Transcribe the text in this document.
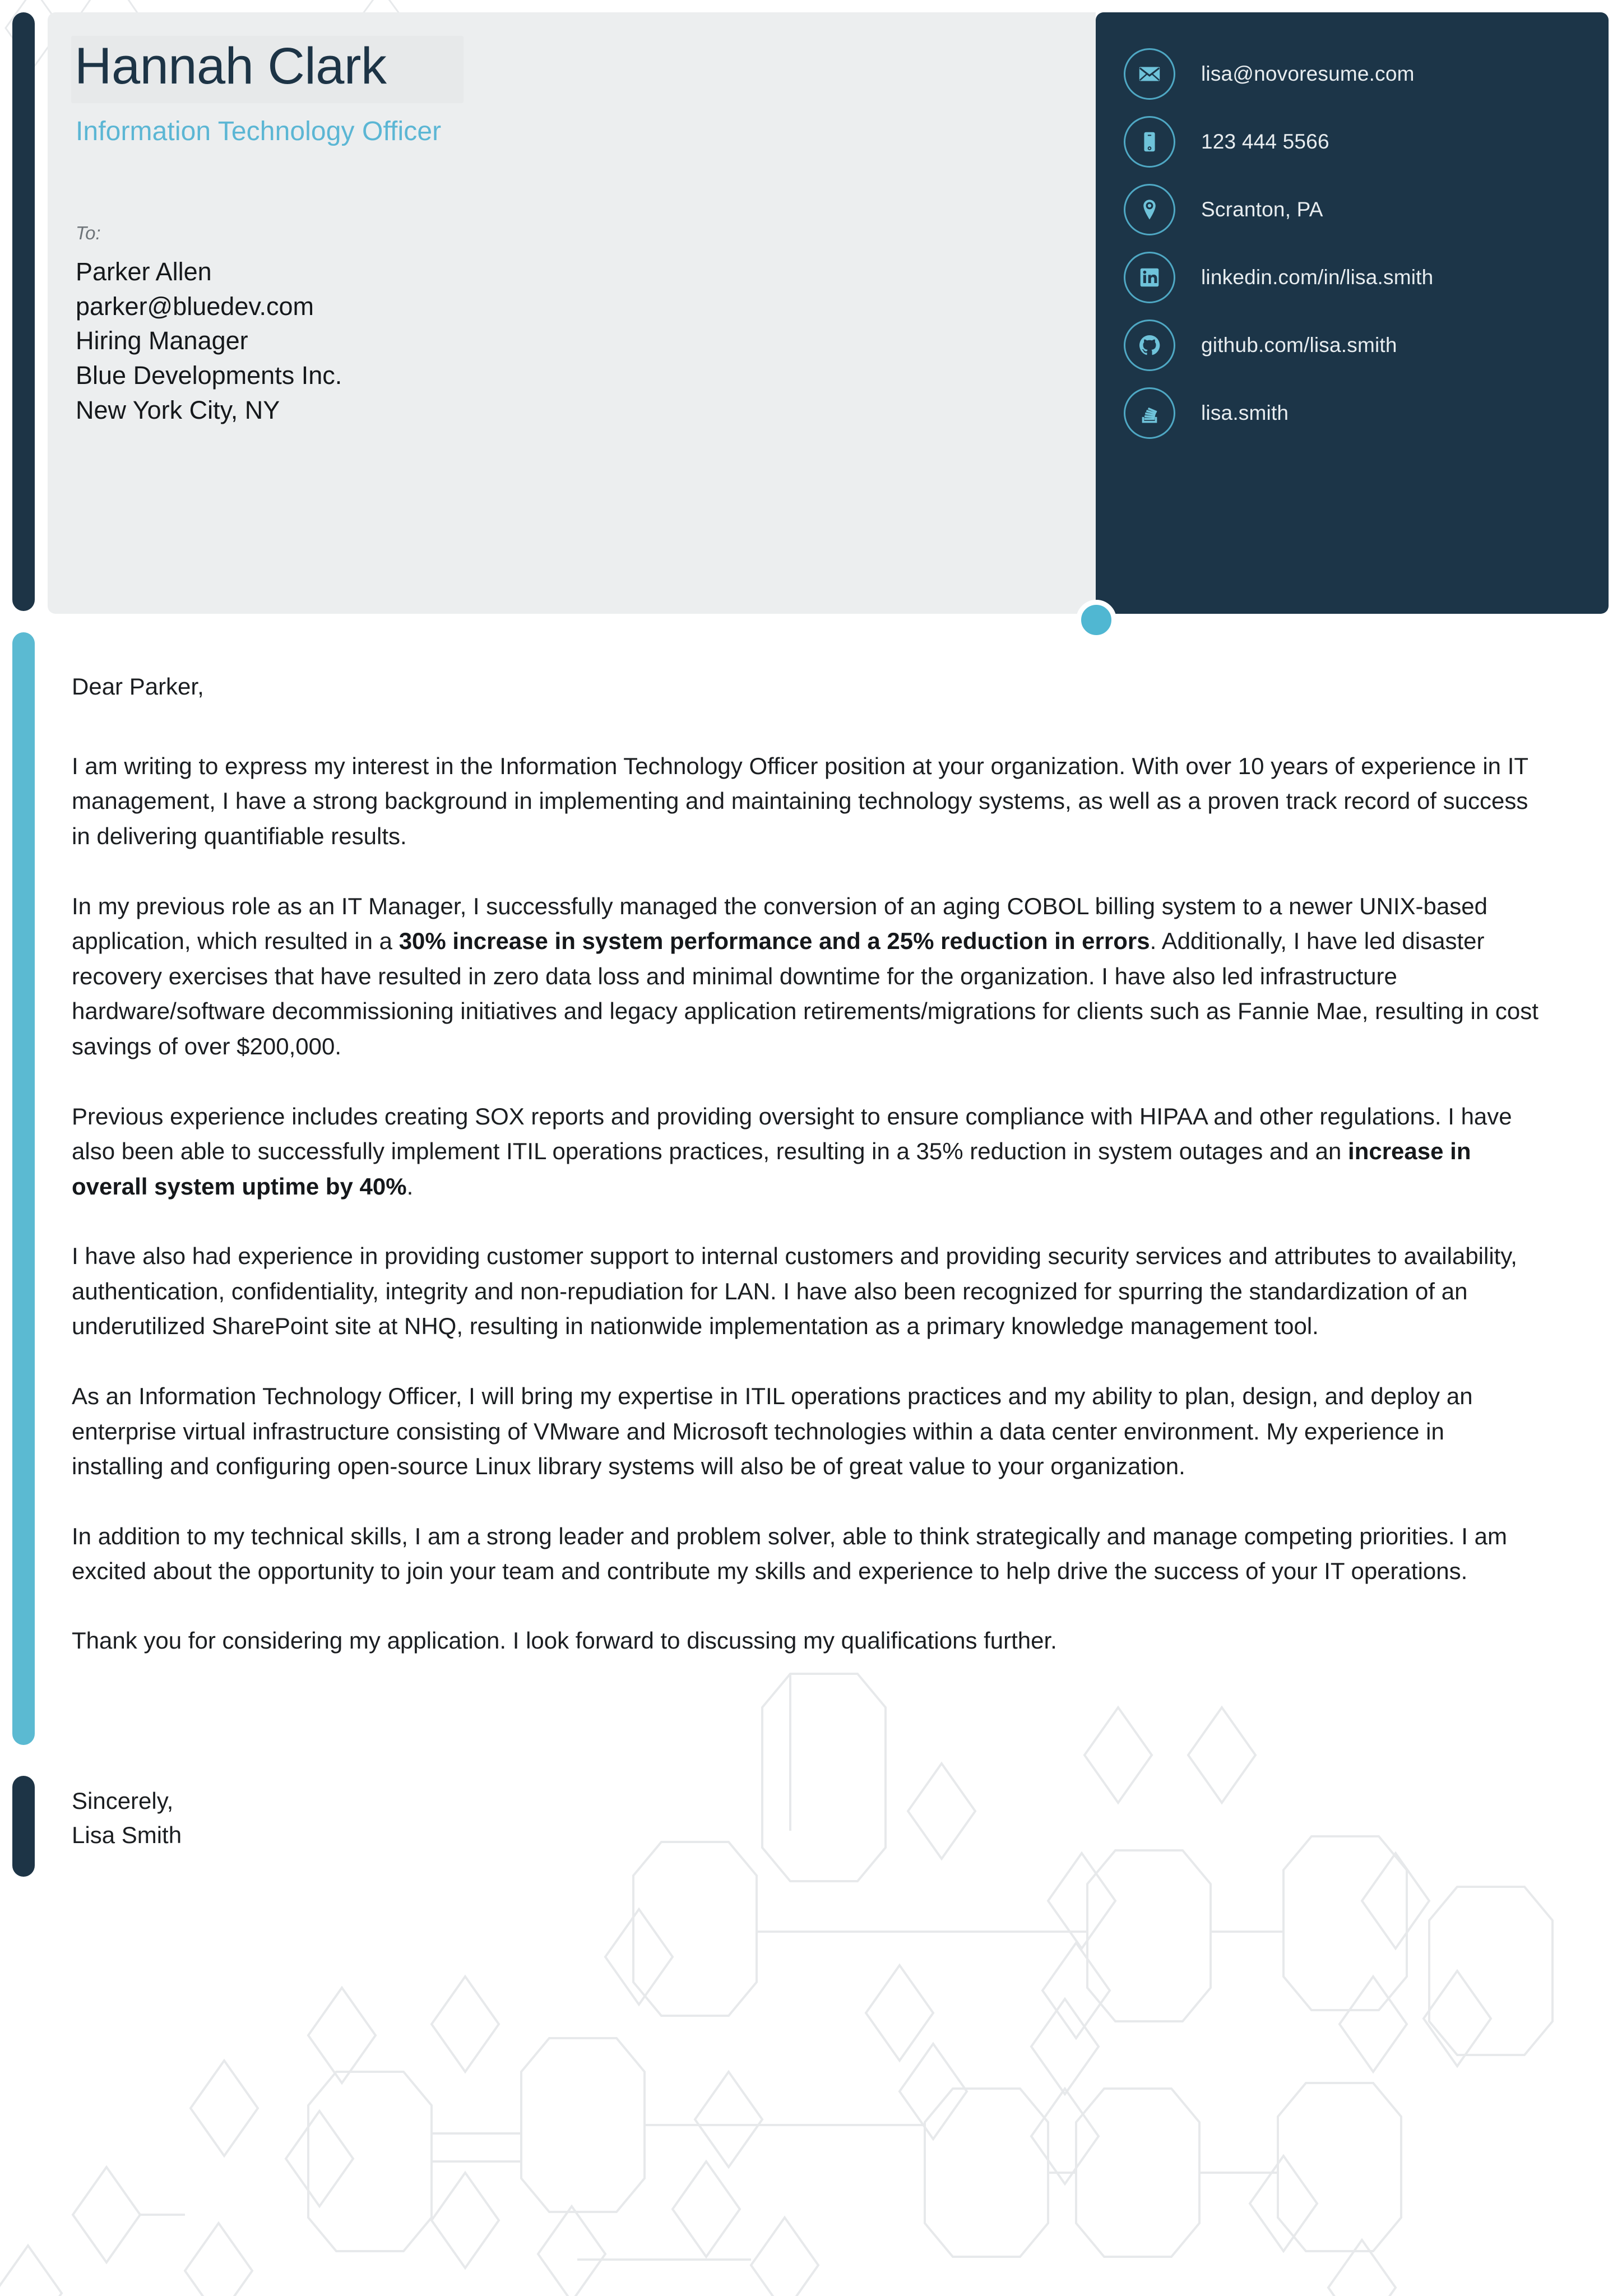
Hannah Clark
Information Technology Officer
To:
Parker Allen
parker@bluedev.com
Hiring Manager
Blue Developments Inc.
New York City, NY
lisa@novoresume.com
123 444 5566
Scranton, PA
linkedin.com/in/lisa.smith
github.com/lisa.smith
lisa.smith
Dear Parker,

I am writing to express my interest in the Information Technology Officer position at your organization. With over 10 years of experience in IT management, I have a strong background in implementing and maintaining technology systems, as well as a proven track record of success in delivering quantifiable results.

In my previous role as an IT Manager, I successfully managed the conversion of an aging COBOL billing system to a newer UNIX-based application, which resulted in a 30% increase in system performance and a 25% reduction in errors. Additionally, I have led disaster recovery exercises that have resulted in zero data loss and minimal downtime for the organization. I have also led infrastructure hardware/software decommissioning initiatives and legacy application retirements/migrations for clients such as Fannie Mae, resulting in cost savings of over $200,000.

Previous experience includes creating SOX reports and providing oversight to ensure compliance with HIPAA and other regulations. I have also been able to successfully implement ITIL operations practices, resulting in a 35% reduction in system outages and an increase in overall system uptime by 40%.

I have also had experience in providing customer support to internal customers and providing security services and attributes to availability, authentication, confidentiality, integrity and non-repudiation for LAN. I have also been recognized for spurring the standardization of an underutilized SharePoint site at NHQ, resulting in nationwide implementation as a primary knowledge management tool.

As an Information Technology Officer, I will bring my expertise in ITIL operations practices and my ability to plan, design, and deploy an enterprise virtual infrastructure consisting of VMware and Microsoft technologies within a data center environment. My experience in installing and configuring open-source Linux library systems will also be of great value to your organization.

In addition to my technical skills, I am a strong leader and problem solver, able to think strategically and manage competing priorities. I am excited about the opportunity to join your team and contribute my skills and experience to help drive the success of your IT operations.

Thank you for considering my application. I look forward to discussing my qualifications further.
Sincerely,
Lisa Smith
